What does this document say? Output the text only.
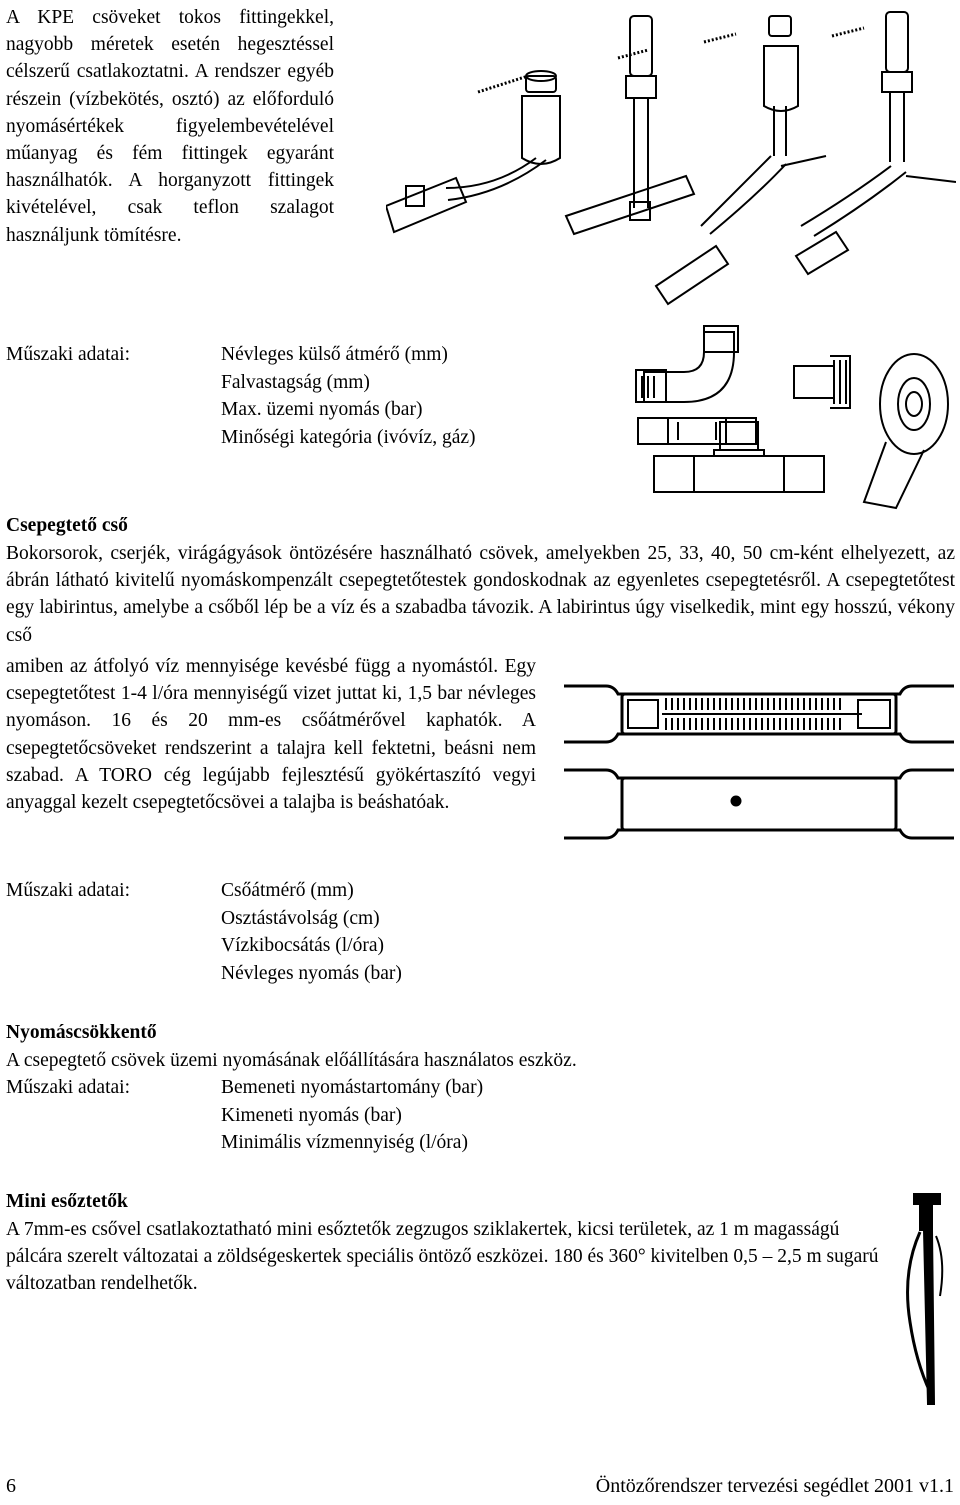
A KPE csöveket tokos fittingekkel, nagyobb méretek esetén hegesztéssel célszerű csatlakoztatni. A rendszer egyéb részein (vízbekötés, osztó) az előforduló nyomásértékek figyelembevételével műanyag és fém fittingek egyaránt használhatók. A horganyzott fittingek kivételével, csak teflon szalagot használjunk tömítésre.

Műszaki adatai:	Névleges külső átmérő (mm)
Falvastagság (mm)
Max. üzemi nyomás (bar)
Minőségi kategória (ivóvíz, gáz)
Csepegtető cső

Bokorsorok, cserjék, virágágyások öntözésére használható csövek, amelyekben 25, 33, 40, 50 cm-ként elhelyezett, az ábrán látható kivitelű nyomáskompenzált csepegtetőtestek gondoskodnak az egyenletes csepegtetésről. A csepegtetőtest egy labirintus, amelybe a csőből lép be a víz és a szabadba távozik. A labirintus úgy viselkedik, mint egy hosszú, vékony cső

amiben az átfolyó víz mennyisége kevésbé függ a nyomástól. Egy csepegtetőtest 1-4 l/óra mennyiségű vizet juttat ki, 1,5 bar névleges nyomáson. 16 és 20 mm-es csőátmérővel kaphatók. A csepegtetőcsöveket rendszerint a talajra kell fektetni, beásni nem szabad. A TORO cég legújabb fejlesztésű gyökértaszító vegyi anyaggal kezelt csepegtetőcsövei a talajba is beáshatóak.

Műszaki adatai:	Csőátmérő (mm)
Osztástávolság (cm)
Vízkibocsátás (l/óra)
Névleges nyomás (bar)
Nyomáscsökkentő

A csepegtető csövek üzemi nyomásának előállítására használatos eszköz.

Műszaki adatai:	Bemeneti nyomástartomány (bar)
Kimeneti nyomás (bar)
Minimális vízmennyiség (l/óra)
Mini esőztetők

A 7mm-es csővel csatlakoztatható mini esőztetők zegzugos sziklakertek, kicsi területek, az 1 m magasságú pálcára szerelt változatai a zöldségeskertek speciális öntöző eszközei. 180 és 360° kivitelben 0,5 – 2,5 m sugarú változatban rendelhetők.

6	Öntözőrendszer tervezési segédlet 2001 v1.1
